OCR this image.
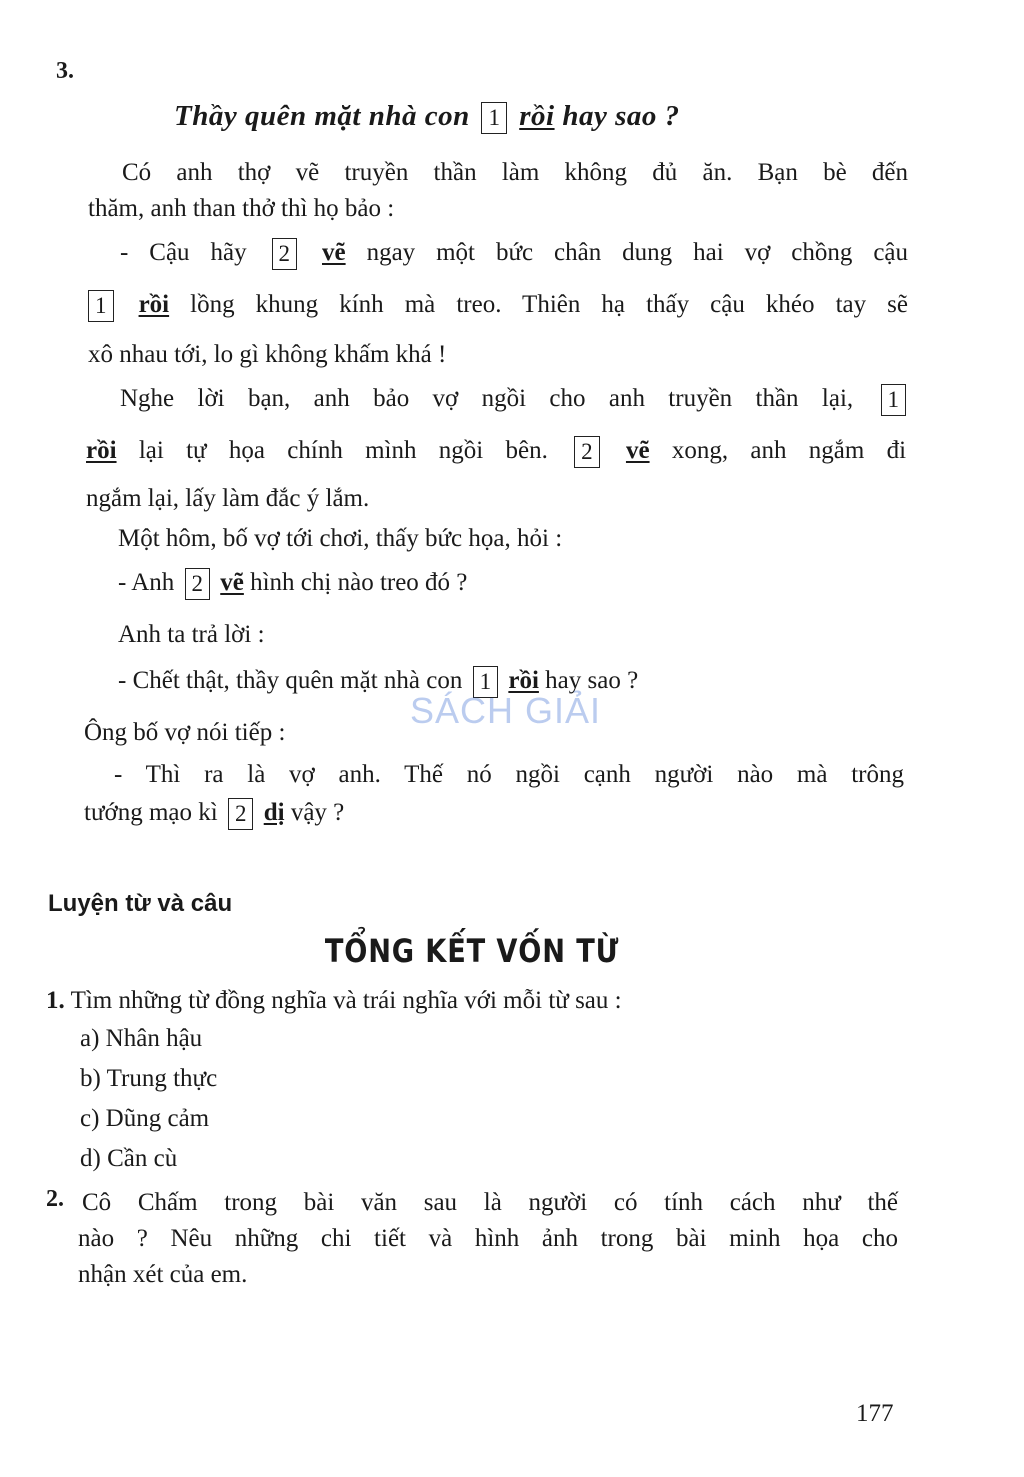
3.
Thầy quên mặt nhà con 1 rồi hay sao ?
Có anh thợ vẽ truyền thần làm không đủ ăn. Bạn bè đến
thăm, anh than thở thì họ bảo :
- Cậu hãy 2 vẽ ngay một bức chân dung hai vợ chồng cậu
1 rồi lồng khung kính mà treo. Thiên hạ thấy cậu khéo tay sẽ
xô nhau tới, lo gì không khấm khá !
Nghe lời bạn, anh bảo vợ ngồi cho anh truyền thần lại, 1
rồi lại tự họa chính mình ngồi bên. 2 vẽ xong, anh ngắm đi
ngắm lại, lấy làm đắc ý lắm.
Một hôm, bố vợ tới chơi, thấy bức họa, hỏi :
- Anh 2 vẽ hình chị nào treo đó ?
Anh ta trả lời :
- Chết thật, thầy quên mặt nhà con 1 rồi hay sao ?
Ông bố vợ nói tiếp :
- Thì ra là vợ anh. Thế nó ngồi cạnh người nào mà trông
tướng mạo kì 2 dị vậy ?
SÁCH GIẢI
Luyện từ và câu
TỔNG KẾT VỐN TỪ
1. Tìm những từ đồng nghĩa và trái nghĩa với mỗi từ sau :
a) Nhân hậu
b) Trung thực
c) Dũng cảm
d) Cần cù
2. Cô Chấm trong bài văn sau là người có tính cách như thế
nào ? Nêu những chi tiết và hình ảnh trong bài minh họa cho
nhận xét của em.
177
